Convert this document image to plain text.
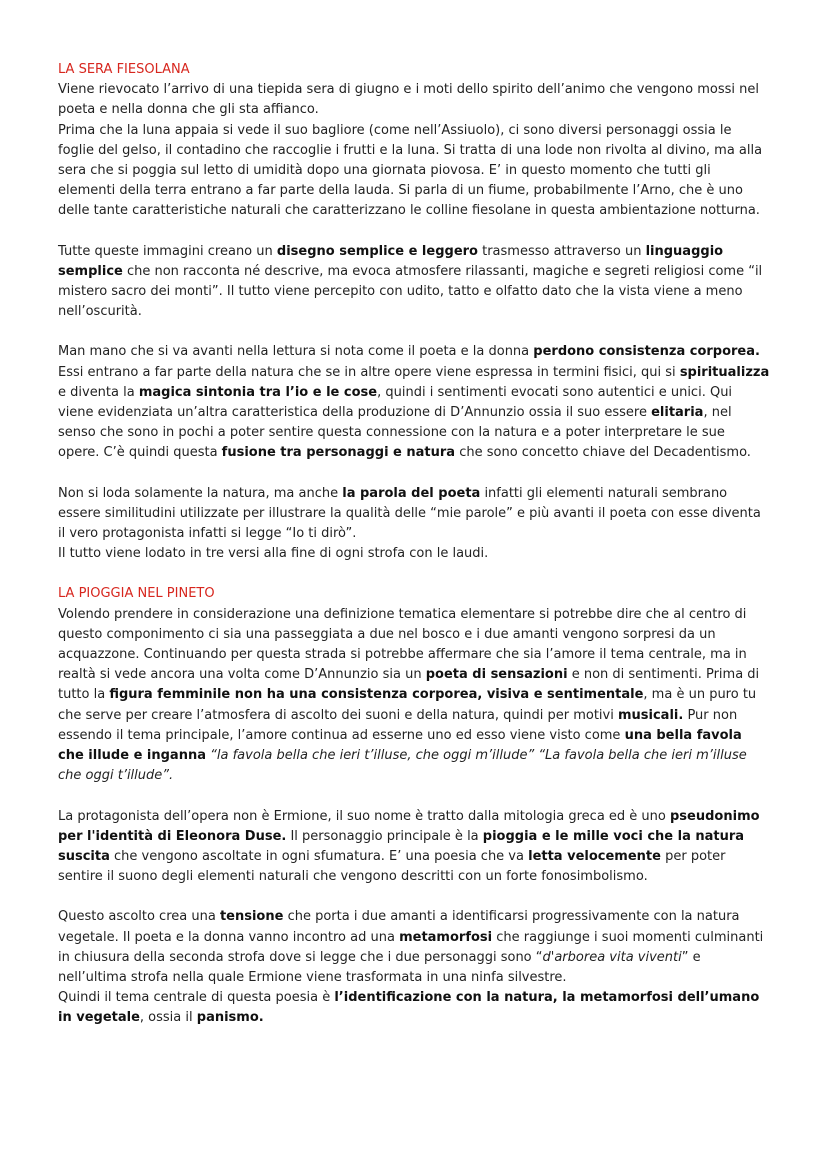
LA SERA FIESOLANA

Viene rievocato l’arrivo di una tiepida sera di giugno e i moti dello spirito dell’animo che vengono mossi nel poeta e nella donna che gli sta affianco.

Prima che la luna appaia si vede il suo bagliore (come nell’Assiuolo), ci sono diversi personaggi ossia le foglie del gelso, il contadino che raccoglie i frutti e la luna. Si tratta di una lode non rivolta al divino, ma alla sera che si poggia sul letto di umidità dopo una giornata piovosa. E’ in questo momento che tutti gli elementi della terra entrano a far parte della lauda. Si parla di un fiume, probabilmente l’Arno, che è uno delle tante caratteristiche naturali che caratterizzano le colline fiesolane in questa ambientazione notturna.

Tutte queste immagini creano un disegno semplice e leggero trasmesso attraverso un linguaggio semplice che non racconta né descrive, ma evoca atmosfere rilassanti, magiche e segreti religiosi come “il mistero sacro dei monti”. Il tutto viene percepito con udito, tatto e olfatto dato che la vista viene a meno nell’oscurità.

Man mano che si va avanti nella lettura si nota come il poeta e la donna perdono consistenza corporea. Essi entrano a far parte della natura che se in altre opere viene espressa in termini fisici, qui si spiritualizza e diventa la magica sintonia tra l’io e le cose, quindi i sentimenti evocati sono autentici e unici. Qui viene evidenziata un’altra caratteristica della produzione di D’Annunzio ossia il suo essere elitaria, nel senso che sono in pochi a poter sentire questa connessione con la natura e a poter interpretare le sue opere. C’è quindi questa fusione tra personaggi e natura che sono concetto chiave del Decadentismo.

Non si loda solamente la natura, ma anche la parola del poeta infatti gli elementi naturali sembrano essere similitudini utilizzate per illustrare la qualità delle “mie parole” e più avanti il poeta con esse diventa il vero protagonista infatti si legge “Io ti dirò”.

Il tutto viene lodato in tre versi alla fine di ogni strofa con le laudi.

LA PIOGGIA NEL PINETO

Volendo prendere in considerazione una definizione tematica elementare si potrebbe dire che al centro di questo componimento ci sia una passeggiata a due nel bosco e i due amanti vengono sorpresi da un acquazzone. Continuando per questa strada si potrebbe affermare che sia l’amore il tema centrale, ma in realtà si vede ancora una volta come D’Annunzio sia un poeta di sensazioni e non di sentimenti. Prima di tutto la figura femminile non ha una consistenza corporea, visiva e sentimentale, ma è un puro tu che serve per creare l’atmosfera di ascolto dei suoni e della natura, quindi per motivi musicali. Pur non essendo il tema principale, l’amore continua ad esserne uno ed esso viene visto come una bella favola che illude e inganna “la favola bella che ieri t’illuse, che oggi m’illude” “La favola bella che ieri m’illuse che oggi t’illude”.

La protagonista dell’opera non è Ermione, il suo nome è tratto dalla mitologia greca ed è uno pseudonimo per l'identità di Eleonora Duse. Il personaggio principale è la pioggia e le mille voci che la natura suscita che vengono ascoltate in ogni sfumatura. E’ una poesia che va letta velocemente per poter sentire il suono degli elementi naturali che vengono descritti con un forte fonosimbolismo.

Questo ascolto crea una tensione che porta i due amanti a identificarsi progressivamente con la natura vegetale. Il poeta e la donna vanno incontro ad una metamorfosi che raggiunge i suoi momenti culminanti in chiusura della seconda strofa dove si legge che i due personaggi sono “d'arborea vita viventi” e nell’ultima strofa nella quale Ermione viene trasformata in una ninfa silvestre.

Quindi il tema centrale di questa poesia è l’identificazione con la natura, la metamorfosi dell’umano in vegetale, ossia il panismo.
